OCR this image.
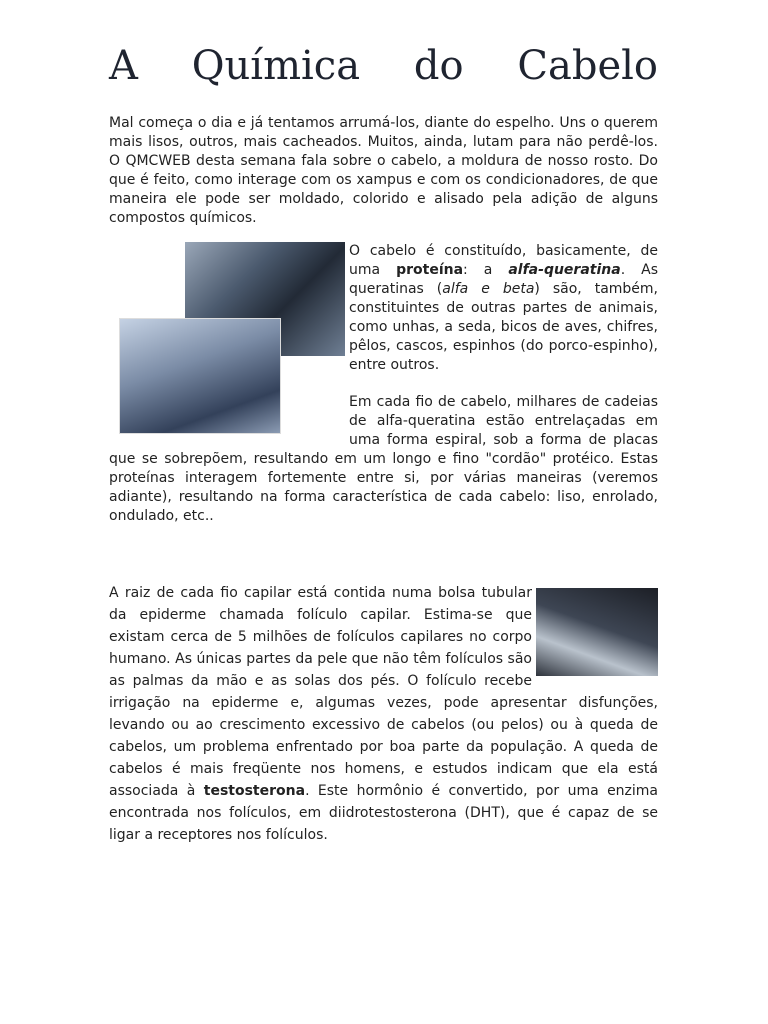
A Química do Cabelo

Mal começa o dia e já tentamos arrumá-los, diante do espelho. Uns o querem mais lisos, outros, mais cacheados. Muitos, ainda, lutam para não perdê-los. O QMCWEB desta semana fala sobre o cabelo, a moldura de nosso rosto. Do que é feito, como interage com os xampus e com os condicionadores, de que maneira ele pode ser moldado, colorido e alisado pela adição de alguns compostos químicos.

O cabelo é constituído, basicamente, de uma proteína: a alfa-queratina. As queratinas (alfa e beta) são, também, constituintes de outras partes de animais, como unhas, a seda, bicos de aves, chifres, pêlos, cascos, espinhos (do porco-espinho), entre outros.

Em cada fio de cabelo, milhares de cadeias de alfa-queratina estão entrelaçadas em uma forma espiral, sob a forma de placas que se sobrepõem, resultando em um longo e fino "cordão" protéico. Estas proteínas interagem fortemente entre si, por várias maneiras (veremos adiante), resultando na forma característica de cada cabelo: liso, enrolado, ondulado, etc..

A raiz de cada fio capilar está contida numa bolsa tubular da epiderme chamada folículo capilar. Estima-se que existam cerca de 5 milhões de folículos capilares no corpo humano. As únicas partes da pele que não têm folículos são as palmas da mão e as solas dos pés. O folículo recebe irrigação na epiderme e, algumas vezes, pode apresentar disfunções, levando ou ao crescimento excessivo de cabelos (ou pelos) ou à queda de cabelos, um problema enfrentado por boa parte da população. A queda de cabelos é mais freqüente nos homens, e estudos indicam que ela está associada à testosterona. Este hormônio é convertido, por uma enzima encontrada nos folículos, em diidrotestosterona (DHT), que é capaz de se ligar a receptores nos folículos.
